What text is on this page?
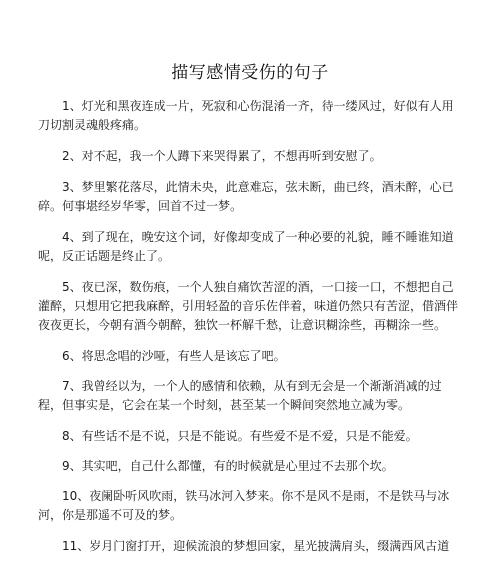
描写感情受伤的句子

1、灯光和黑夜连成一片，死寂和心伤混淆一齐，待一缕风过，好似有人用 刀切割灵魂般疼痛。

2、对不起，我一个人蹲下来哭得累了，不想再听到安慰了。

3、梦里繁花落尽，此情未央，此意难忘，弦未断，曲已终，酒未醉，心已 碎。何事堪经岁华零，回首不过一梦。

4、到了现在，晚安这个词，好像却变成了一种必要的礼貌，睡不睡谁知道 呢，反正话题是终止了。

5、夜已深，数伤痕，一个人独自痛饮苦涩的酒，一口接一口，不想把自己灌醉，只想用它把我麻醉，引用轻盈的音乐佐伴着，味道仍然只有苦涩，借酒伴夜夜更长，今朝有酒今朝醉，独饮一杯解千愁，让意识糊涂些，再糊涂一些。

6、将思念唱的沙哑，有些人是该忘了吧。

7、我曾经以为，一个人的感情和依赖，从有到无会是一个渐渐消减的过程，但事实是，它会在某一个时刻，甚至某一个瞬间突然地立减为零。

8、有些话不是不说，只是不能说。有些爱不是不爱，只是不能爱。

9、其实吧，自己什么都懂，有的时候就是心里过不去那个坎。

10、夜阑卧听风吹雨，铁马冰河入梦来。你不是风不是雨，不是铁马与冰 河，你是那遥不可及的梦。

11、岁月门窗打开，迎候流浪的梦想回家，星光披满肩头，缀满西风古道
